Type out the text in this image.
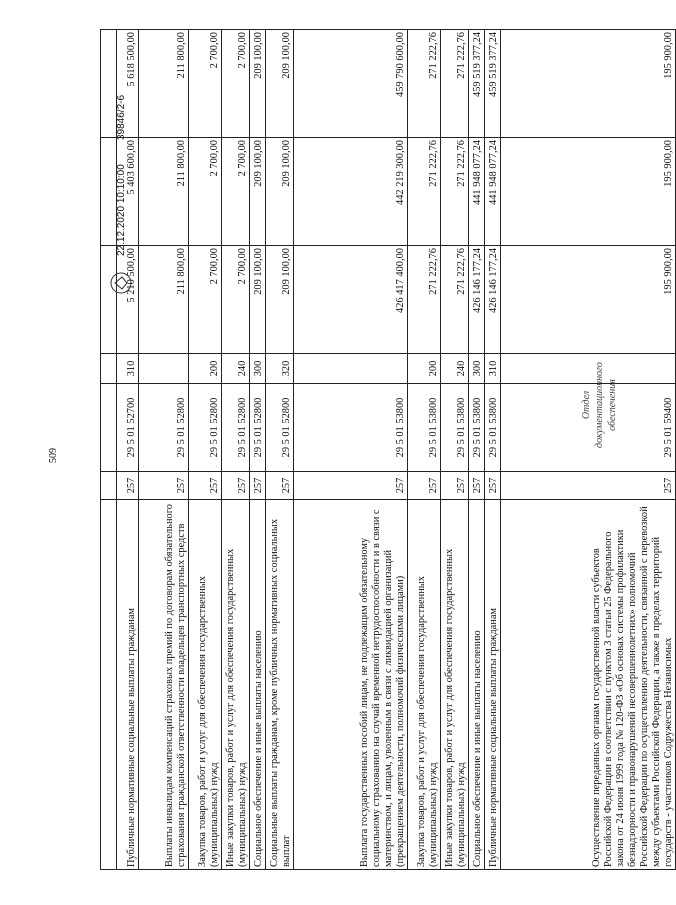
509

Публичные нормативные социальные выплаты гражданам	257	29 5 01 52700	310	5 210 500,00	5 403 600,00	5 618 500,00
Выплаты инвалидам компенсаций страховых премий по договорам обязательного страхования гражданской ответственности владельцев транспортных средств	257	29 5 01 52800		211 800,00	211 800,00	211 800,00
Закупка товаров, работ и услуг для обеспечения государственных (муниципальных) нужд	257	29 5 01 52800	200	2 700,00	2 700,00	2 700,00
Иные закупки товаров, работ и услуг для обеспечения государственных (муниципальных) нужд	257	29 5 01 52800	240	2 700,00	2 700,00	2 700,00
Социальное обеспечение и иные выплаты населению	257	29 5 01 52800	300	209 100,00	209 100,00	209 100,00
Социальные выплаты гражданам, кроме публичных нормативных социальных выплат	257	29 5 01 52800	320	209 100,00	209 100,00	209 100,00
Выплата государственных пособий лицам, не подлежащим обязательному социальному страхованию на случай временной нетрудоспособности и в связи с материнством, и лицам, уволенным в связи с ликвидацией организаций (прекращением деятельности, полномочий физическими лицами)	257	29 5 01 53800		426 417 400,00	442 219 300,00	459 790 600,00
Закупка товаров, работ и услуг для обеспечения государственных (муниципальных) нужд	257	29 5 01 53800	200	271 222,76	271 222,76	271 222,76
Иные закупки товаров, работ и услуг для обеспечения государственных (муниципальных) нужд	257	29 5 01 53800	240	271 222,76	271 222,76	271 222,76
Социальное обеспечение и иные выплаты населению	257	29 5 01 53800	300	426 146 177,24	441 948 077,24	459 519 377,24
Публичные нормативные социальные выплаты гражданам	257	29 5 01 53800	310	426 146 177,24	441 948 077,24	459 519 377,24
Осуществление переданных органам государственной власти субъектов Российской Федерации в соответствии с пунктом 3 статьи 25 Федерального закона от 24 июня 1999 года № 120-ФЗ «Об основах системы профилактики безнадзорности и правонарушений несовершеннолетних» полномочий Российской Федерации по осуществлению деятельности, связанной с перевозкой между субъектами Российской Федерации, а также в пределах территорий государств - участников Содружества Независимых	257	29 5 01 59400		195 900,00	195 900,00	195 900,00
22.12.2020 10:10:00
39846/2-6
Отдел документационного обеспечения
